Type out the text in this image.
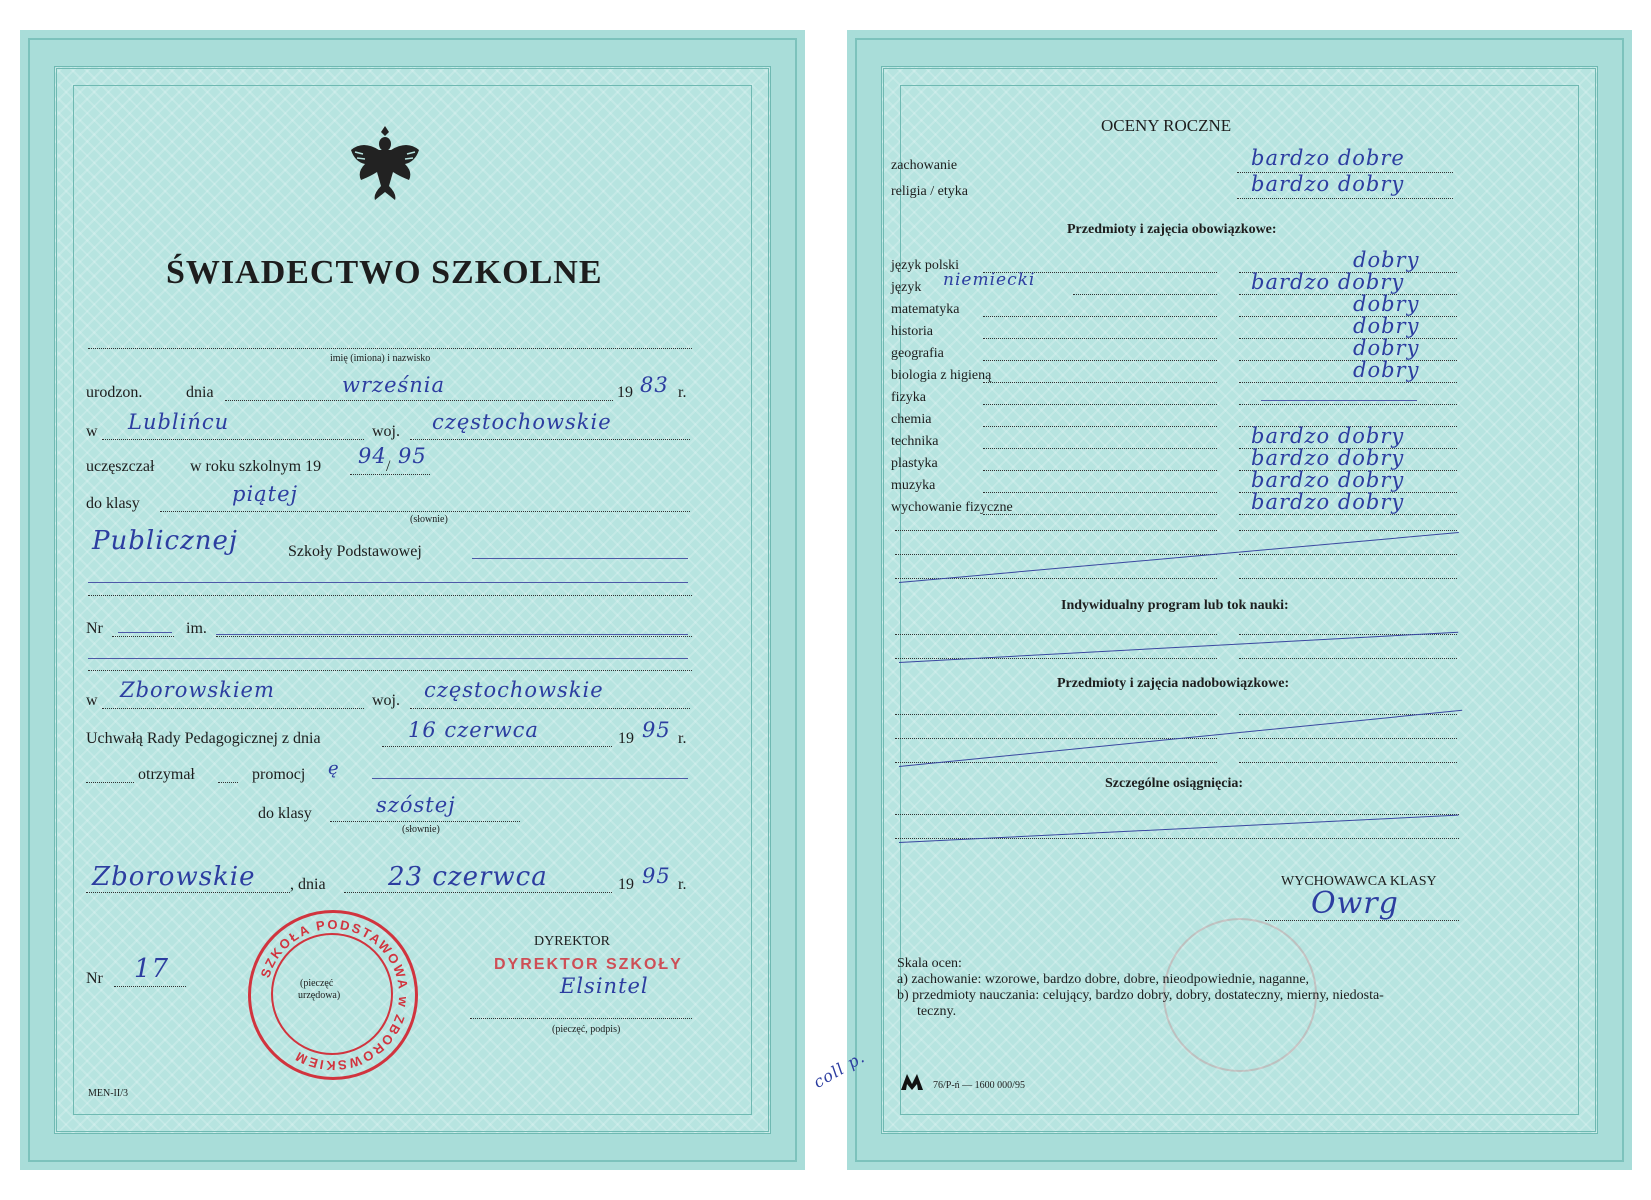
ŚWIADECTWO SZKOLNE
imię (imiona) i nazwisko
urodzon.	dnia	września	19 83 r.
w Lublińcu	woj. częstochowskie
uczęszczał w roku szkolnym 19 94 / 95
do klasy	piątej
(słownie)
Publicznej	Szkoły Podstawowej
Nr	im.
w Zborowskiem	woj. częstochowskie
Uchwałą Rady Pedagogicznej z dnia	16 czerwca	19 95 r.
otrzymał	promocj ę
do klasy	szóstej
(słownie)
Zborowskie , dnia 23 czerwca	19 95 r.
Nr 17	SZKOŁA PODSTAWOWA w ZBOROWSKIEM
(pieczęć
urzędowa)
DYREKTOR
DYREKTOR SZKOŁY
Elsintel
(pieczęć, podpis)
MEN-II/3
OCENY ROCZNE
zachowanie	bardzo dobre
religia / etyka	bardzo dobry
Przedmioty i zajęcia obowiązkowe:
Indywidualny program lub tok nauki:
Przedmioty i zajęcia nadobowiązkowe:
Szczególne osiągnięcia:
WYCHOWAWCA KLASY
Owrg
Skala ocen:
a) zachowanie: wzorowe, bardzo dobre, dobre, nieodpowiednie, naganne,
b) przedmioty nauczania: celujący, bardzo dobry, dobry, dostateczny, mierny, niedosta-
teczny.
coll p.	76/P-ń — 1600 000/95
język polski	dobry
język niemiecki	bardzo dobry
matematyka	dobry
historia	dobry
geografia	dobry
biologia z higieną	dobry
fizyka
chemia
technika	bardzo dobry
plastyka	bardzo dobry
muzyka	bardzo dobry
wychowanie fizyczne	bardzo dobry
